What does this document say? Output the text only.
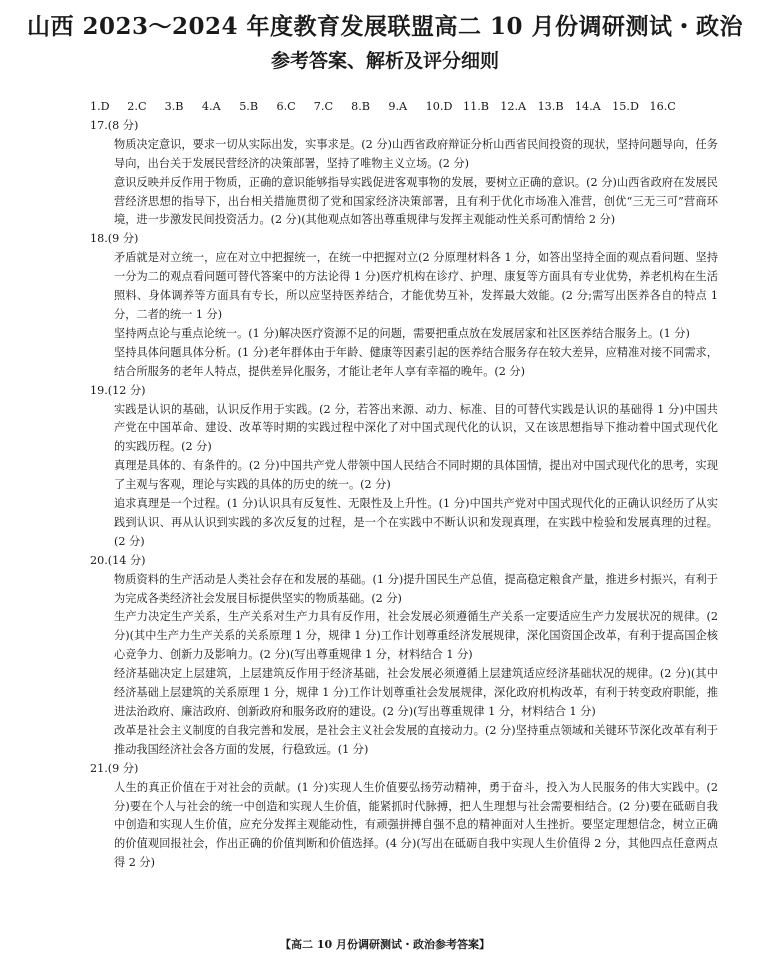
山西 2023～2024 年度教育发展联盟高二 10 月份调研测试・政治
参考答案、解析及评分细则
1.D	2.C	3.B	4.A	5.B	6.C	7.C	8.B	9.A	10.D 11.B	12.A	13.B	14.A	15.D 16.C
17.(8 分)
物质决定意识，要求一切从实际出发，实事求是。(2 分)山西省政府辩证分析山西省民间投资的现状，坚持问题导向，任务导向，出台关于发展民营经济的决策部署，坚持了唯物主义立场。(2 分)
意识反映并反作用于物质，正确的意识能够指导实践促进客观事物的发展，要树立正确的意识。(2 分)山西省政府在发展民营经济思想的指导下，出台相关措施贯彻了党和国家经济决策部署，且有利于优化市场准入准营，创优“三无三可”营商环境，进一步激发民间投资活力。(2 分)(其他观点如答出尊重规律与发挥主观能动性关系可酌情给 2 分)
18.(9 分)
矛盾就是对立统一，应在对立中把握统一，在统一中把握对立(2 分原理材料各 1 分，如答出坚持全面的观点看问题、坚持一分为二的观点看问题可替代答案中的方法论得 1 分)医疗机构在诊疗、护理、康复等方面具有专业优势，养老机构在生活照料、身体调养等方面具有专长，所以应坚持医养结合，才能优势互补，发挥最大效能。(2 分;需写出医养各自的特点 1 分，二者的统一 1 分)
坚持两点论与重点论统一。(1 分)解决医疗资源不足的问题，需要把重点放在发展居家和社区医养结合服务上。(1 分)
坚持具体问题具体分析。(1 分)老年群体由于年龄、健康等因素引起的医养结合服务存在较大差异，应精准对接不同需求，结合所服务的老年人特点，提供差异化服务，才能让老年人享有幸福的晚年。(2 分)
19.(12 分)
实践是认识的基础，认识反作用于实践。(2 分，若答出来源、动力、标准、目的可替代实践是认识的基础得 1 分)中国共产党在中国革命、建设、改革等时期的实践过程中深化了对中国式现代化的认识，又在该思想指导下推动着中国式现代化的实践历程。(2 分)
真理是具体的、有条件的。(2 分)中国共产党人带领中国人民结合不同时期的具体国情，提出对中国式现代化的思考，实现了主观与客观，理论与实践的具体的历史的统一。(2 分)
追求真理是一个过程。(1 分)认识具有反复性、无限性及上升性。(1 分)中国共产党对中国式现代化的正确认识经历了从实践到认识、再从认识到实践的多次反复的过程，是一个在实践中不断认识和发现真理，在实践中检验和发展真理的过程。(2 分)
20.(14 分)
物质资料的生产活动是人类社会存在和发展的基础。(1 分)提升国民生产总值，提高稳定粮食产量，推进乡村振兴，有利于为完成各类经济社会发展目标提供坚实的物质基础。(2 分)
生产力决定生产关系，生产关系对生产力具有反作用，社会发展必须遵循生产关系一定要适应生产力发展状况的规律。(2 分)(其中生产力生产关系的关系原理 1 分，规律 1 分)工作计划尊重经济发展规律，深化国资国企改革，有利于提高国企核心竞争力、创新力及影响力。(2 分)(写出尊重规律 1 分，材料结合 1 分)
经济基础决定上层建筑，上层建筑反作用于经济基础，社会发展必须遵循上层建筑适应经济基础状况的规律。(2 分)(其中经济基础上层建筑的关系原理 1 分，规律 1 分)工作计划尊重社会发展规律，深化政府机构改革，有利于转变政府职能，推进法治政府、廉洁政府、创新政府和服务政府的建设。(2 分)(写出尊重规律 1 分，材料结合 1 分)
改革是社会主义制度的自我完善和发展，是社会主义社会发展的直接动力。(2 分)坚持重点领域和关键环节深化改革有利于推动我国经济社会各方面的发展，行稳致远。(1 分)
21.(9 分)
人生的真正价值在于对社会的贡献。(1 分)实现人生价值要弘扬劳动精神，勇于奋斗，投入为人民服务的伟大实践中。(2 分)要在个人与社会的统一中创造和实现人生价值，能紧抓时代脉搏，把人生理想与社会需要相结合。(2 分)要在砥砺自我中创造和实现人生价值，应充分发挥主观能动性，有顽强拼搏自强不息的精神面对人生挫折。要坚定理想信念，树立正确的价值观回报社会，作出正确的价值判断和价值选择。(4 分)(写出在砥砺自我中实现人生价值得 2 分，其他四点任意两点得 2 分)
【高二 10 月份调研测试・政治参考答案】
